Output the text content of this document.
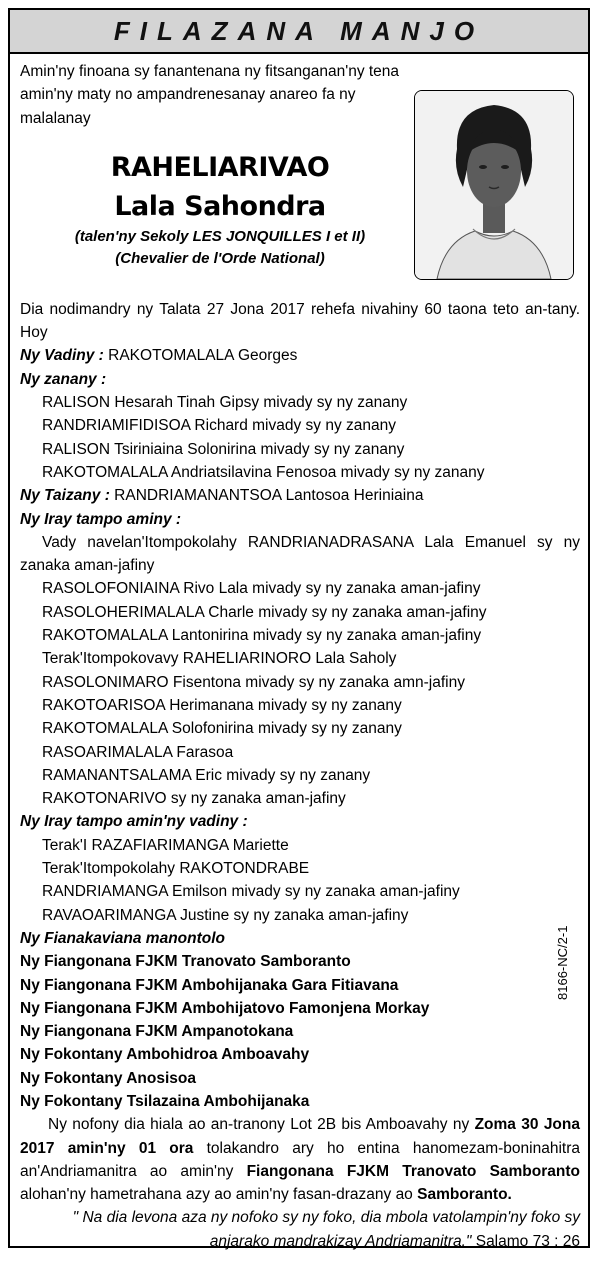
FILAZANA MANJO
Amin'ny finoana sy fanantenana ny fitsanganan'ny tena amin'ny maty no ampandrenesanay anareo fa ny malalanay
RAHELIARIVAO
Lala Sahondra
(talen'ny Sekoly LES JONQUILLES I et II)
(Chevalier de l'Orde National)
Dia nodimandry ny Talata 27 Jona 2017 rehefa nivahiny 60 taona teto an-tany. Hoy
Ny Vadiny : RAKOTOMALALA Georges
Ny zanany :
RALISON Hesarah Tinah Gipsy mivady sy ny zanany
RANDRIAMIFIDISOA Richard mivady sy ny zanany
RALISON Tsiriniaina Solonirina mivady sy ny zanany
RAKOTOMALALA Andriatsilavina Fenosoa mivady sy ny zanany
Ny Taizany : RANDRIAMANANTSOA Lantosoa Heriniaina
Ny Iray tampo aminy :
Vady navelan'Itompokolahy RANDRIANADRASANA Lala Emanuel sy ny zanaka aman-jafiny
RASOLOFONIAINA Rivo Lala mivady sy ny zanaka aman-jafiny
RASOLOHERIMALALA Charle mivady sy ny zanaka aman-jafiny
RAKOTOMALALA Lantonirina mivady sy ny zanaka aman-jafiny
Terak'Itompokovavy RAHELIARINORO Lala Saholy
RASOLONIMARO Fisentona mivady sy ny zanaka amn-jafiny
RAKOTOARISOA Herimanana mivady sy ny zanany
RAKOTOMALALA Solofonirina mivady sy ny zanany
RASOARIMALALA Farasoa
RAMANANTSALAMA Eric mivady sy ny zanany
RAKOTONARIVO sy ny zanaka aman-jafiny
Ny Iray tampo amin'ny vadiny :
Terak'I RAZAFIARIMANGA Mariette
Terak'Itompokolahy RAKOTONDRABE
RANDRIAMANGA Emilson mivady sy ny zanaka aman-jafiny
RAVAOARIMANGA Justine sy ny zanaka aman-jafiny
Ny Fianakaviana manontolo
Ny Fiangonana FJKM Tranovato Samboranto
Ny Fiangonana FJKM Ambohijanaka Gara Fitiavana
Ny Fiangonana FJKM Ambohijatovo Famonjena Morkay
Ny Fiangonana FJKM Ampanotokana
Ny Fokontany Ambohidroa Amboavahy
Ny Fokontany Anosisoa
Ny Fokontany Tsilazaina Ambohijanaka
Ny nofony dia hiala ao an-tranony Lot 2B bis Amboavahy ny Zoma 30 Jona 2017 amin'ny 01 ora tolakandro ary ho entina hanomezam-boninahitra an'Andriamanitra ao amin'ny Fiangonana FJKM Tranovato Samboranto alohan'ny hametrahana azy ao amin'ny fasan-drazany ao Samboranto.
" Na dia levona aza ny nofoko sy ny foko, dia mbola vatolampin'ny foko sy anjarako mandrakizay Andriamanitra." Salamo 73 : 26
8166-NC/2-1
